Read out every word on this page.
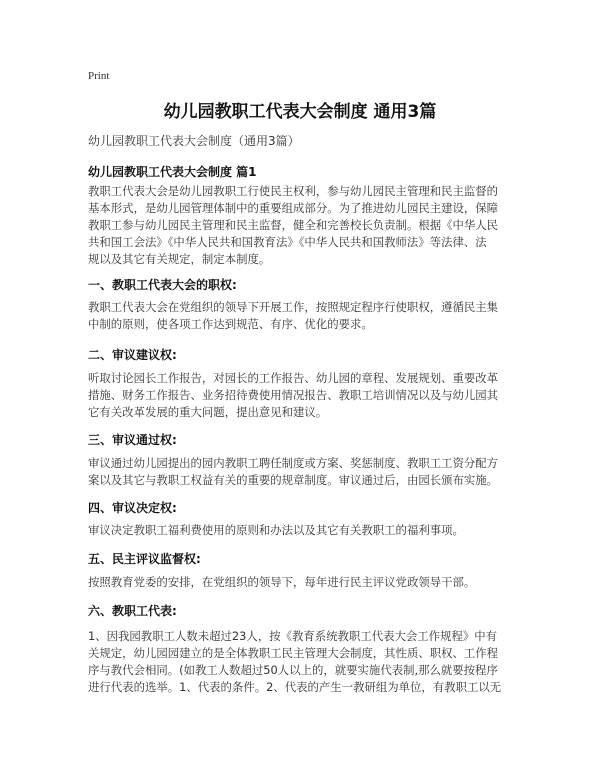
Print
幼儿园教职工代表大会制度 通用3篇
幼儿园教职工代表大会制度（通用3篇）
幼儿园教职工代表大会制度 篇1
教职工代表大会是幼儿园教职工行使民主权利，参与幼儿园民主管理和民主监督的
基本形式，是幼儿园管理体制中的重要组成部分。为了推进幼儿园民主建设，保障
教职工参与幼儿园民主管理和民主监督，健全和完善校长负责制。根据《中华人民
共和国工会法》《中华人民共和国教育法》《中华人民共和国教师法》等法律、法
规以及其它有关规定，制定本制度。
一、教职工代表大会的职权:
教职工代表大会在党组织的领导下开展工作，按照规定程序行使职权，遵循民主集
中制的原则，使各项工作达到规范、有序、优化的要求。
二、审议建议权:
听取讨论园长工作报告，对园长的工作报告、幼儿园的章程、发展规划、重要改革
措施、财务工作报告、业务招待费使用情况报告、教职工培训情况以及与幼儿园其
它有关改革发展的重大问题，提出意见和建议。
三、审议通过权:
审议通过幼儿园提出的园内教职工聘任制度或方案、奖惩制度、教职工工资分配方
案以及其它与教职工权益有关的重要的规章制度。审议通过后，由园长颁布实施。
四、审议决定权:
审议决定教职工福利费使用的原则和办法以及其它有关教职工的福利事项。
五、民主评议监督权:
按照教育党委的安排，在党组织的领导下，每年进行民主评议党政领导干部。
六、教职工代表:
1、因我园教职工人数未超过23人，按《教育系统教职工代表大会工作规程》中有
关规定，幼儿园园建立的是全体教职工民主管理大会制度，其性质、职权、工作程
序与教代会相同。(如教工人数超过50人以上的，就要实施代表制,那么就要按程序
进行代表的选举。1、代表的条件。2、代表的产生一教研组为单位，有教职工以无
